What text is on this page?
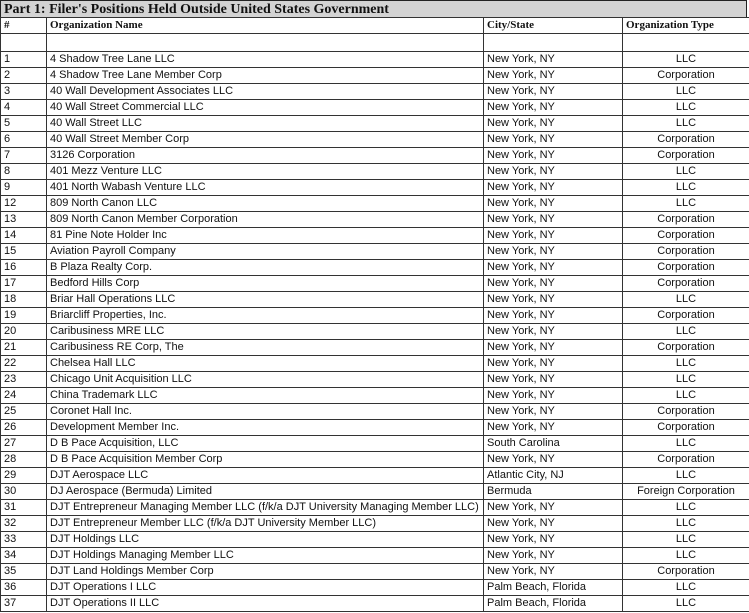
Part 1: Filer's Positions Held Outside United States Government
#	Organization Name	City/State	Organization Type

1	4 Shadow Tree Lane LLC	New York, NY	LLC
2	4 Shadow Tree Lane Member Corp	New York, NY	Corporation
3	40 Wall Development Associates LLC	New York, NY	LLC
4	40 Wall Street Commercial LLC	New York, NY	LLC
5	40 Wall Street LLC	New York, NY	LLC
6	40 Wall Street Member Corp	New York, NY	Corporation
7	3126 Corporation	New York, NY	Corporation
8	401 Mezz Venture LLC	New York, NY	LLC
9	401 North Wabash Venture LLC	New York, NY	LLC
12	809 North Canon LLC	New York, NY	LLC
13	809 North Canon Member Corporation	New York, NY	Corporation
14	81 Pine Note Holder Inc	New York, NY	Corporation
15	Aviation Payroll Company	New York, NY	Corporation
16	B Plaza Realty Corp.	New York, NY	Corporation
17	Bedford Hills Corp	New York, NY	Corporation
18	Briar Hall Operations LLC	New York, NY	LLC
19	Briarcliff Properties, Inc.	New York, NY	Corporation
20	Caribusiness MRE LLC	New York, NY	LLC
21	Caribusiness RE Corp, The	New York, NY	Corporation
22	Chelsea Hall LLC	New York, NY	LLC
23	Chicago Unit Acquisition LLC	New York, NY	LLC
24	China Trademark LLC	New York, NY	LLC
25	Coronet Hall Inc.	New York, NY	Corporation
26	Development Member Inc.	New York, NY	Corporation
27	D B Pace Acquisition, LLC	South Carolina	LLC
28	D B Pace Acquisition Member Corp	New York, NY	Corporation
29	DJT Aerospace LLC	Atlantic City, NJ	LLC
30	DJ Aerospace (Bermuda) Limited	Bermuda	Foreign Corporation
31	DJT Entrepreneur Managing Member LLC (f/k/a DJT University Managing Member LLC)	New York, NY	LLC
32	DJT Entrepreneur Member LLC (f/k/a DJT University Member LLC)	New York, NY	LLC
33	DJT Holdings LLC	New York, NY	LLC
34	DJT Holdings Managing Member LLC	New York, NY	LLC
35	DJT Land Holdings Member Corp	New York, NY	Corporation
36	DJT Operations I LLC	Palm Beach, Florida	LLC
37	DJT Operations II LLC	Palm Beach, Florida	LLC
